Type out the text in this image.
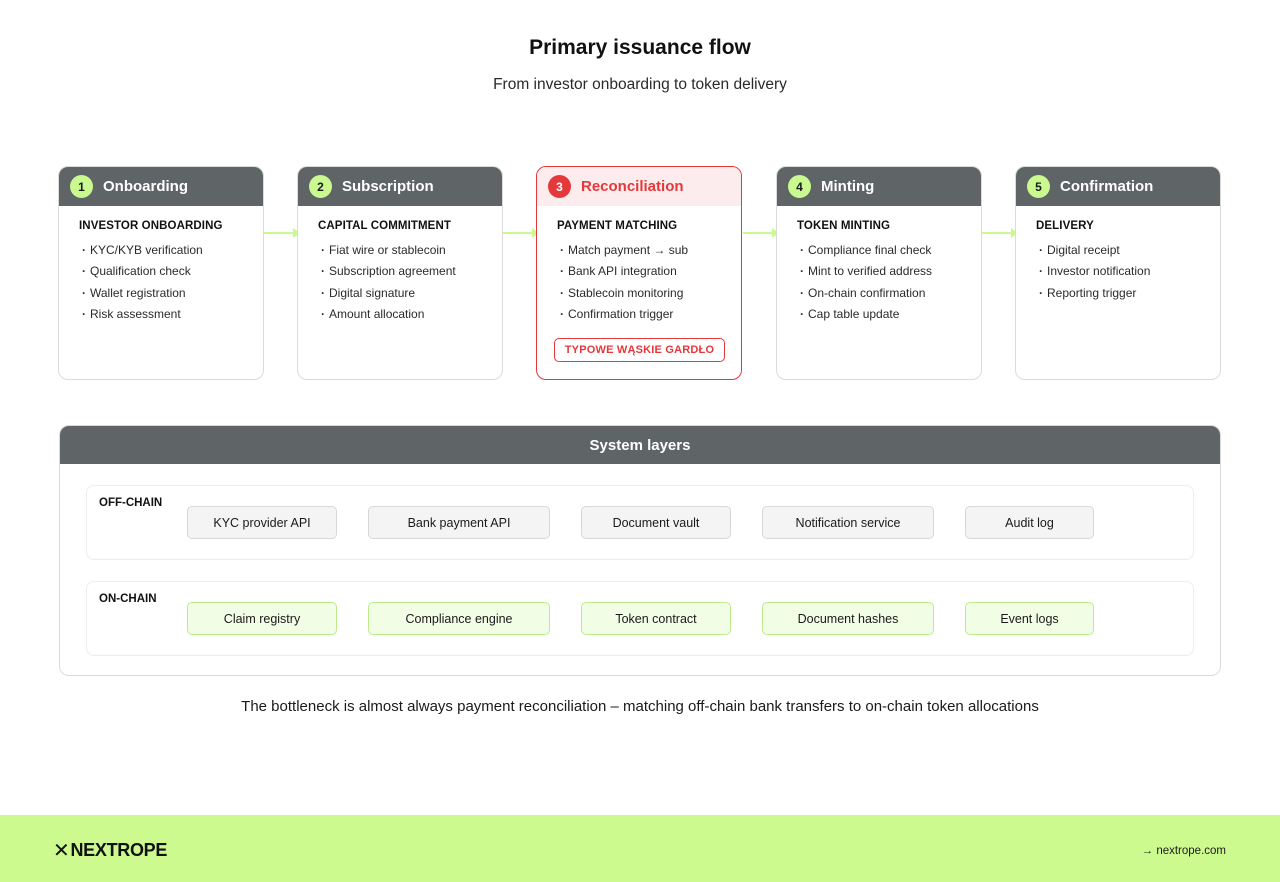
Primary issuance flow
From investor onboarding to token delivery
1	Onboarding
INVESTOR ONBOARDING
· KYC/KYB verification
· Qualification check
· Wallet registration
· Risk assessment
2	Subscription
CAPITAL COMMITMENT
· Fiat wire or stablecoin
· Subscription agreement
· Digital signature
· Amount allocation
3	Reconciliation
PAYMENT MATCHING
· Match payment → sub
· Bank API integration
· Stablecoin monitoring
· Confirmation trigger
TYPOWE WĄSKIE GARDŁO
4	Minting
TOKEN MINTING
· Compliance final check
· Mint to verified address
· On-chain confirmation
· Cap table update
5	Confirmation
DELIVERY
· Digital receipt
· Investor notification
· Reporting trigger
System layers
OFF-CHAIN
KYC provider API	Bank payment API	Document vault	Notification service	Audit log
ON-CHAIN
Claim registry	Compliance engine	Token contract	Document hashes	Event logs
The bottleneck is almost always payment reconciliation – matching off-chain bank transfers to on-chain token allocations
✕ NEXTROPE	→ nextrope.com
